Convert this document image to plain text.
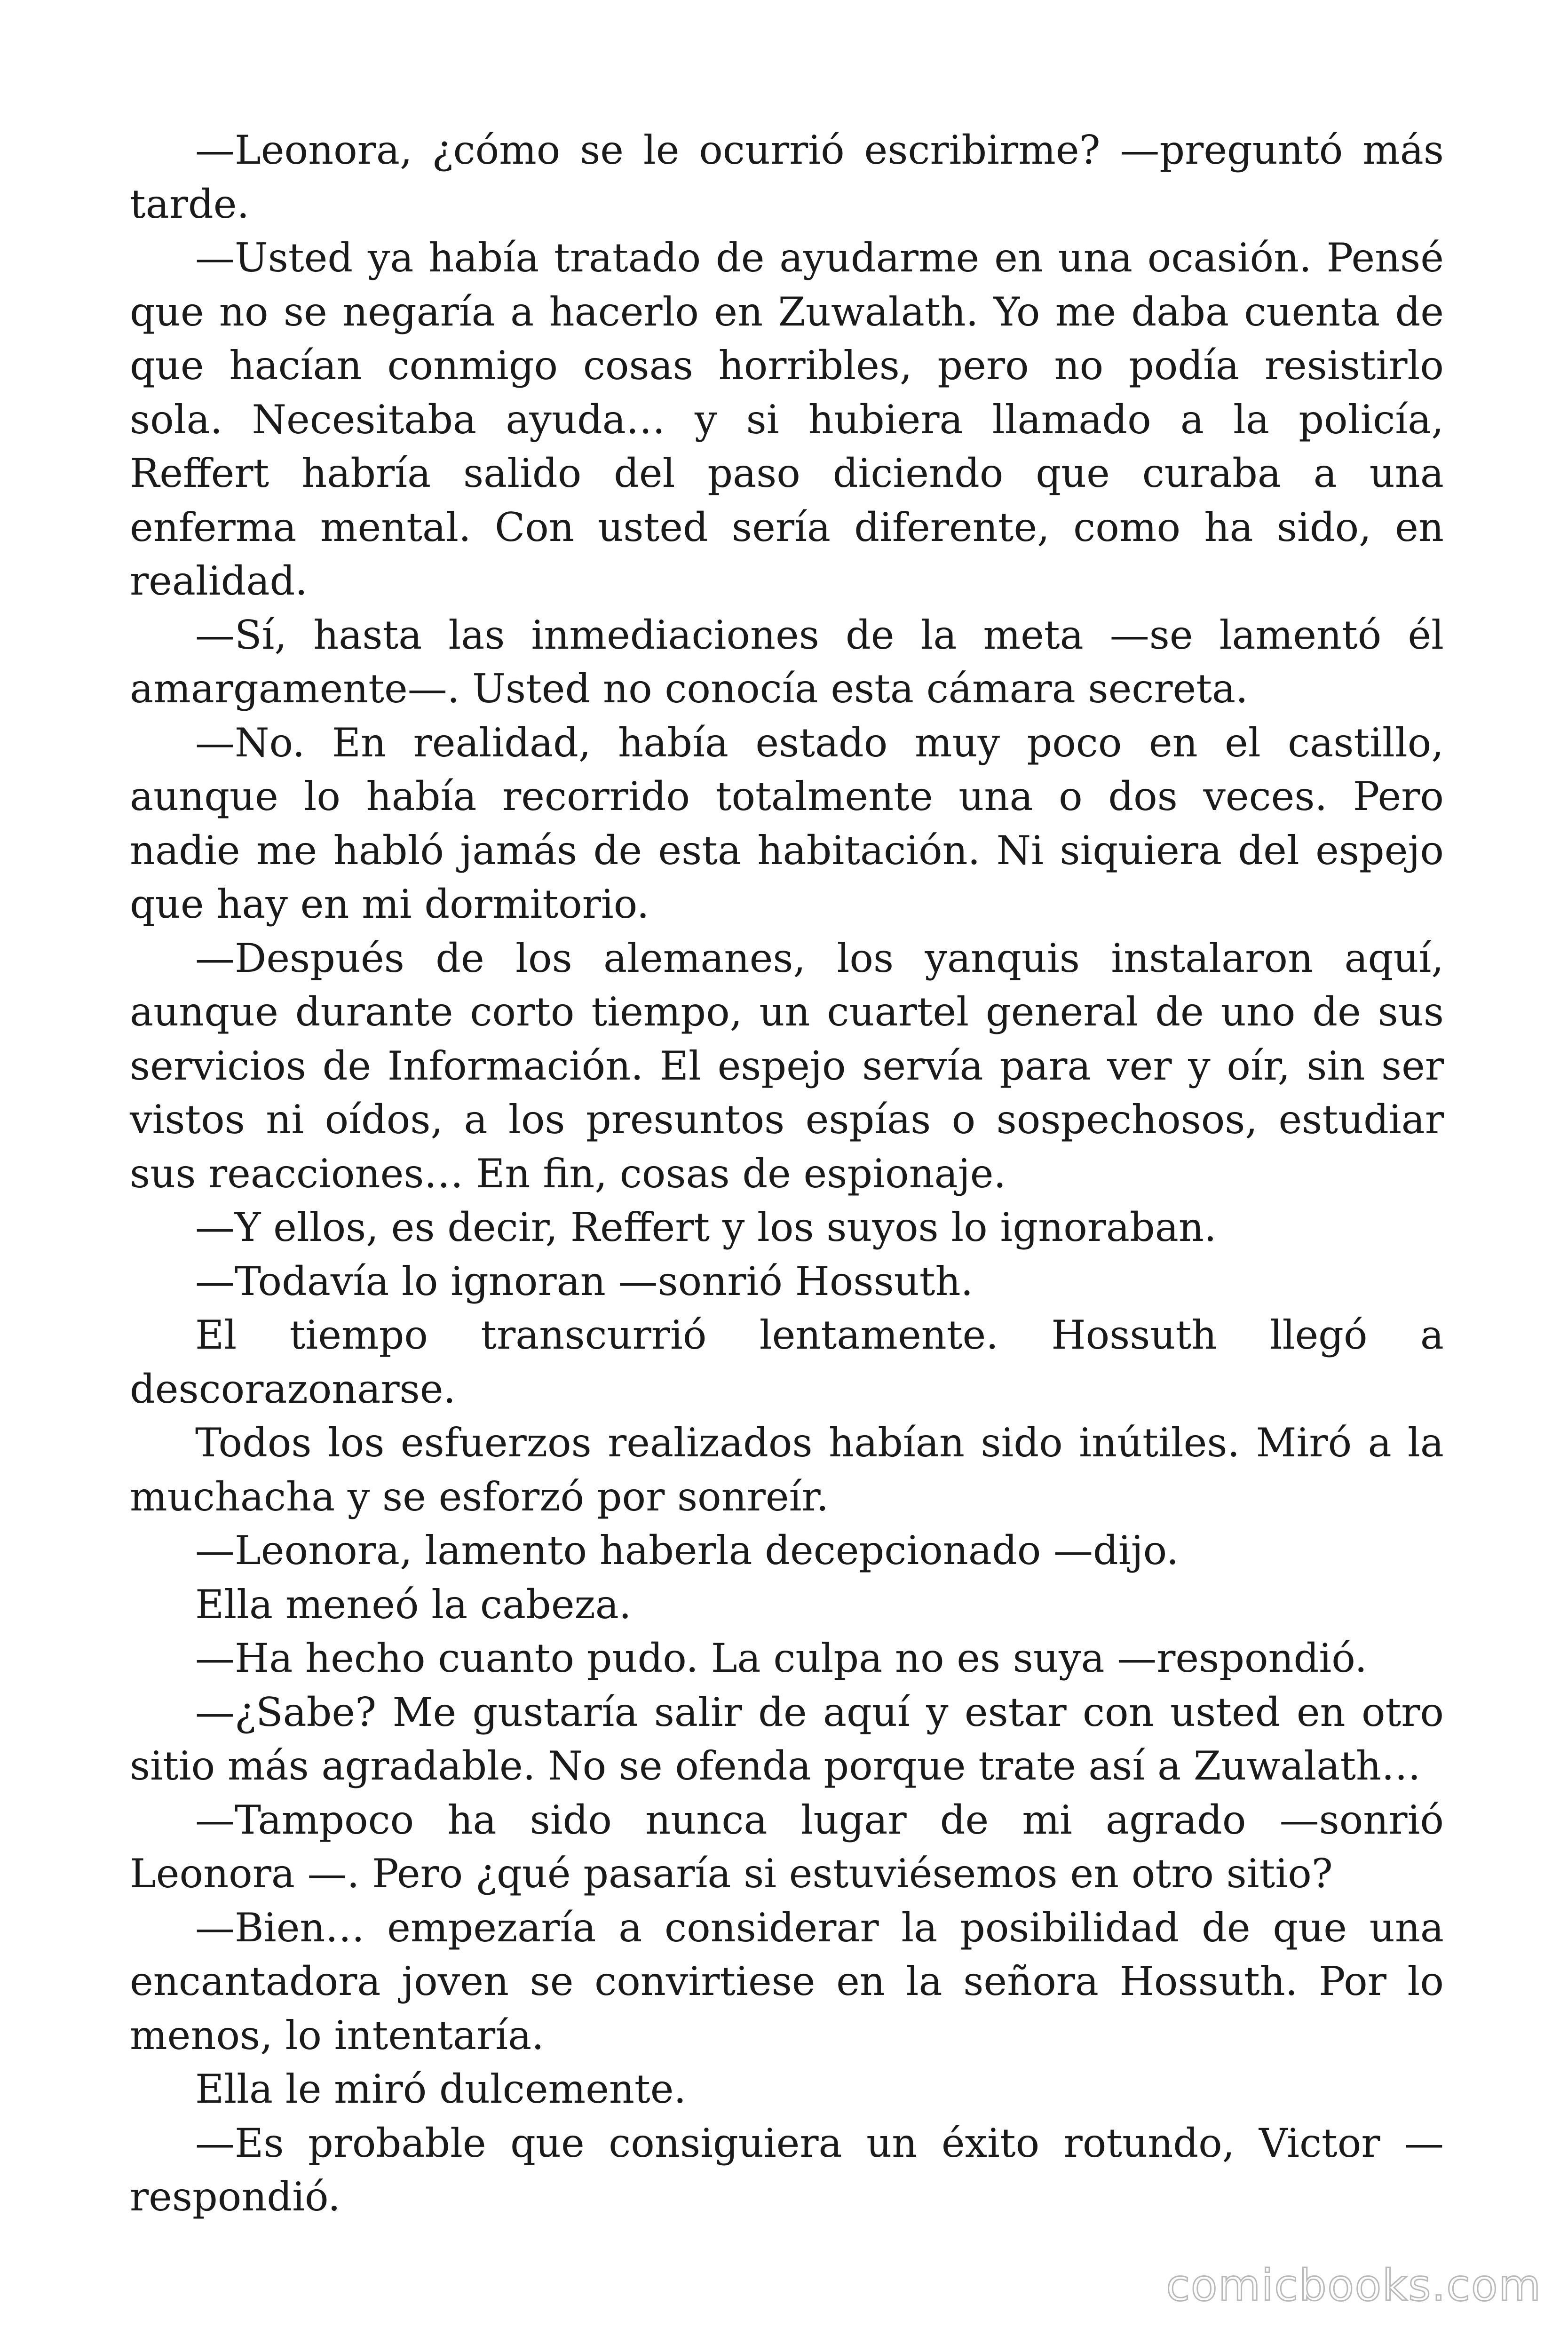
—Leonora, ¿cómo se le ocurrió escribirme? —preguntó más tarde.

—Usted ya había tratado de ayudarme en una ocasión. Pensé que no se negaría a hacerlo en Zuwalath. Yo me daba cuenta de que hacían conmigo cosas horribles, pero no podía resistirlo sola. Necesitaba ayuda… y si hubiera llamado a la policía, Reffert habría salido del paso diciendo que curaba a una enferma mental. Con usted sería diferente, como ha sido, en realidad.

—Sí, hasta las inmediaciones de la meta —se lamentó él amargamente—. Usted no conocía esta cámara secreta.

—No. En realidad, había estado muy poco en el castillo, aunque lo había recorrido totalmente una o dos veces. Pero nadie me habló jamás de esta habitación. Ni siquiera del espejo que hay en mi dormitorio.

—Después de los alemanes, los yanquis instalaron aquí, aunque durante corto tiempo, un cuartel general de uno de sus servicios de Información. El espejo servía para ver y oír, sin ser vistos ni oídos, a los presuntos espías o sospechosos, estudiar sus reacciones… En fin, cosas de espionaje.

—Y ellos, es decir, Reffert y los suyos lo ignoraban.

—Todavía lo ignoran —sonrió Hossuth.

El tiempo transcurrió lentamente. Hossuth llegó a descorazonarse.

Todos los esfuerzos realizados habían sido inútiles. Miró a la muchacha y se esforzó por sonreír.

—Leonora, lamento haberla decepcionado —dijo.

Ella meneó la cabeza.

—Ha hecho cuanto pudo. La culpa no es suya —respondió.

—¿Sabe? Me gustaría salir de aquí y estar con usted en otro sitio más agradable. No se ofenda porque trate así a Zuwalath…

—Tampoco ha sido nunca lugar de mi agrado —sonrió Leonora —. Pero ¿qué pasaría si estuviésemos en otro sitio?

—Bien… empezaría a considerar la posibilidad de que una encantadora joven se convirtiese en la señora Hossuth. Por lo menos, lo intentaría.

Ella le miró dulcemente.

—Es probable que consiguiera un éxito rotundo, Victor — respondió.

comicbooks.com
